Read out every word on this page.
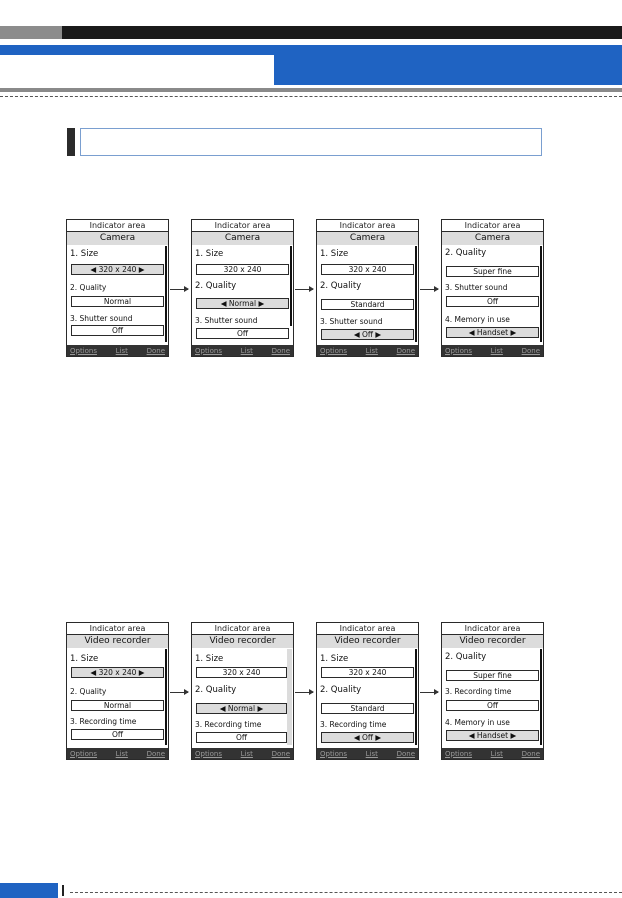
Indicator area
Camera
1. Size
◀ 320 x 240 ▶
2. Quality
Normal
3. Shutter sound
Off
Options	List	Done
Indicator area
Camera
1. Size
320 x 240
2. Quality
◀ Normal ▶
3. Shutter sound
Off
Options	List	Done
Indicator area
Camera
1. Size
320 x 240
2. Quality
Standard
3. Shutter sound
◀ Off ▶
Options	List	Done
Indicator area
Camera
2. Quality
Super fine
3. Shutter sound
Off
4. Memory in use
◀ Handset ▶
Options	List	Done
Indicator area
Video recorder
1. Size
◀ 320 x 240 ▶
2. Quality
Normal
3. Recording time
Off
Options	List	Done
Indicator area
Video recorder
1. Size
320 x 240
2. Quality
◀ Normal ▶
3. Recording time
Off
Options	List	Done
Indicator area
Video recorder
1. Size
320 x 240
2. Quality
Standard
3. Recording time
◀ Off ▶
Options	List	Done
Indicator area
Video recorder
2. Quality
Super fine
3. Recording time
Off
4. Memory in use
◀ Handset ▶
Options	List	Done
